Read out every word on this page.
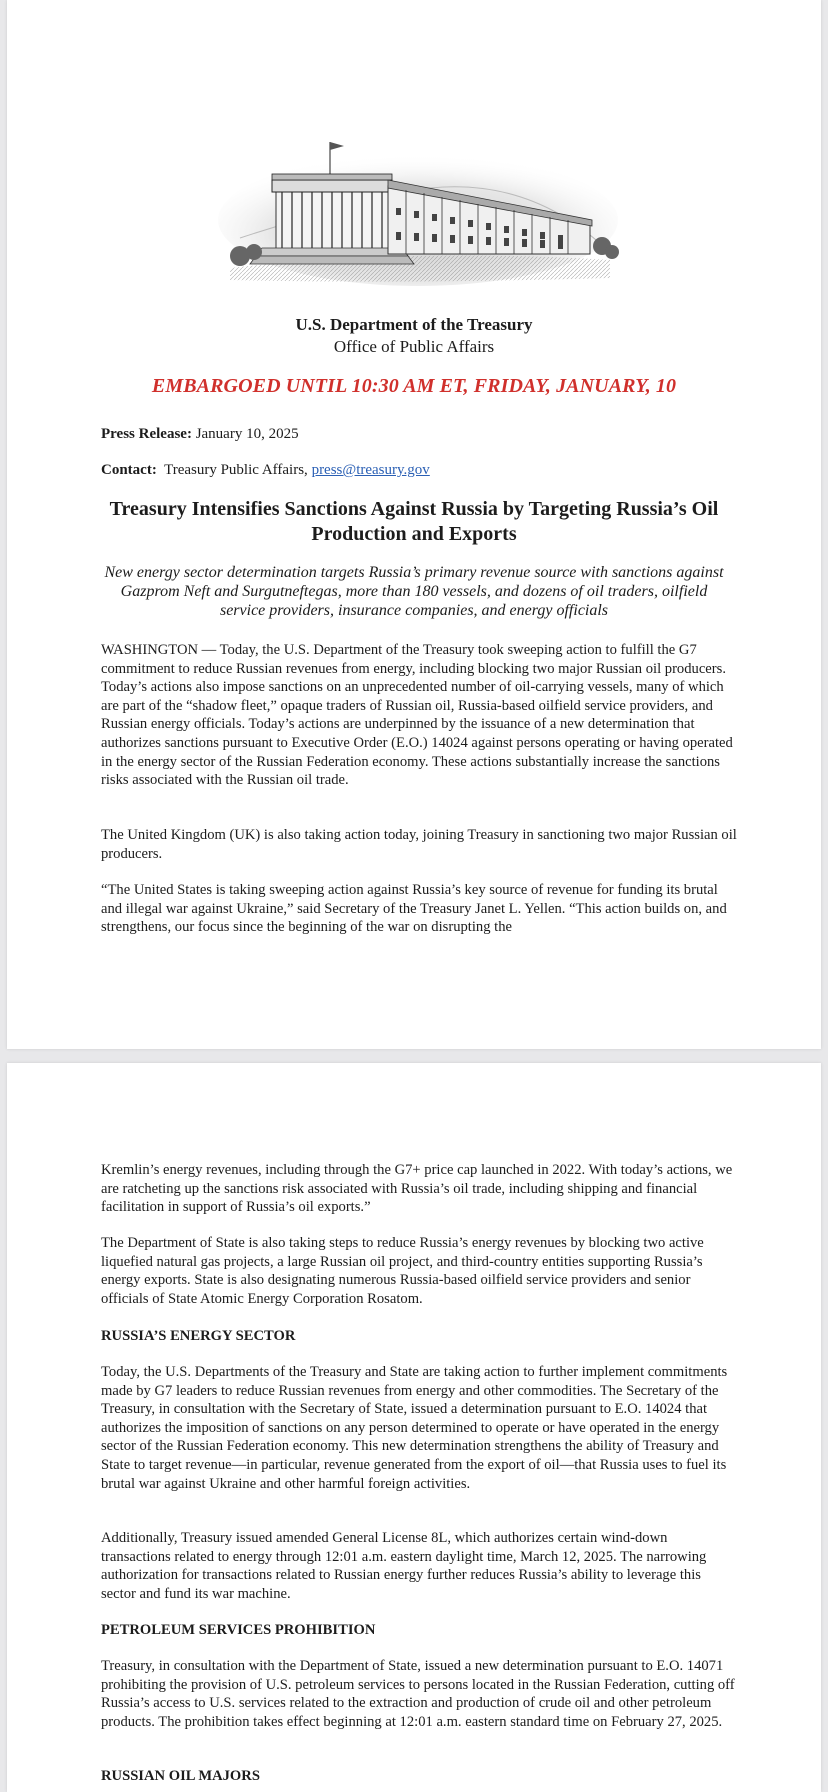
U.S. Department of the Treasury
Office of Public Affairs
EMBARGOED UNTIL 10:30 AM ET, FRIDAY, JANUARY, 10
Press Release: January 10, 2025
Contact: Treasury Public Affairs, press@treasury.gov
Treasury Intensifies Sanctions Against Russia by Targeting Russia’s Oil Production and Exports
New energy sector determination targets Russia’s primary revenue source with sanctions against Gazprom Neft and Surgutneftegas, more than 180 vessels, and dozens of oil traders, oilfield service providers, insurance companies, and energy officials

WASHINGTON — Today, the U.S. Department of the Treasury took sweeping action to fulfill the G7 commitment to reduce Russian revenues from energy, including blocking two major Russian oil producers. Today’s actions also impose sanctions on an unprecedented number of oil-carrying vessels, many of which are part of the “shadow fleet,” opaque traders of Russian oil, Russia-based oilfield service providers, and Russian energy officials. Today’s actions are underpinned by the issuance of a new determination that authorizes sanctions pursuant to Executive Order (E.O.) 14024 against persons operating or having operated in the energy sector of the Russian Federation economy. These actions substantially increase the sanctions risks associated with the Russian oil trade.

The United Kingdom (UK) is also taking action today, joining Treasury in sanctioning two major Russian oil producers.

“The United States is taking sweeping action against Russia’s key source of revenue for funding its brutal and illegal war against Ukraine,” said Secretary of the Treasury Janet L. Yellen. “This action builds on, and strengthens, our focus since the beginning of the war on disrupting the

Kremlin’s energy revenues, including through the G7+ price cap launched in 2022. With today’s actions, we are ratcheting up the sanctions risk associated with Russia’s oil trade, including shipping and financial facilitation in support of Russia’s oil exports.”

The Department of State is also taking steps to reduce Russia’s energy revenues by blocking two active liquefied natural gas projects, a large Russian oil project, and third-country entities supporting Russia’s energy exports. State is also designating numerous Russia-based oilfield service providers and senior officials of State Atomic Energy Corporation Rosatom.

RUSSIA’S ENERGY SECTOR

Today, the U.S. Departments of the Treasury and State are taking action to further implement commitments made by G7 leaders to reduce Russian revenues from energy and other commodities. The Secretary of the Treasury, in consultation with the Secretary of State, issued a determination pursuant to E.O. 14024 that authorizes the imposition of sanctions on any person determined to operate or have operated in the energy sector of the Russian Federation economy. This new determination strengthens the ability of Treasury and State to target revenue—in particular, revenue generated from the export of oil—that Russia uses to fuel its brutal war against Ukraine and other harmful foreign activities.

Additionally, Treasury issued amended General License 8L, which authorizes certain wind-down transactions related to energy through 12:01 a.m. eastern daylight time, March 12, 2025. The narrowing authorization for transactions related to Russian energy further reduces Russia’s ability to leverage this sector and fund its war machine.

PETROLEUM SERVICES PROHIBITION

Treasury, in consultation with the Department of State, issued a new determination pursuant to E.O. 14071 prohibiting the provision of U.S. petroleum services to persons located in the Russian Federation, cutting off Russia’s access to U.S. services related to the extraction and production of crude oil and other petroleum products. The prohibition takes effect beginning at 12:01 a.m. eastern standard time on February 27, 2025.

RUSSIAN OIL MAJORS
